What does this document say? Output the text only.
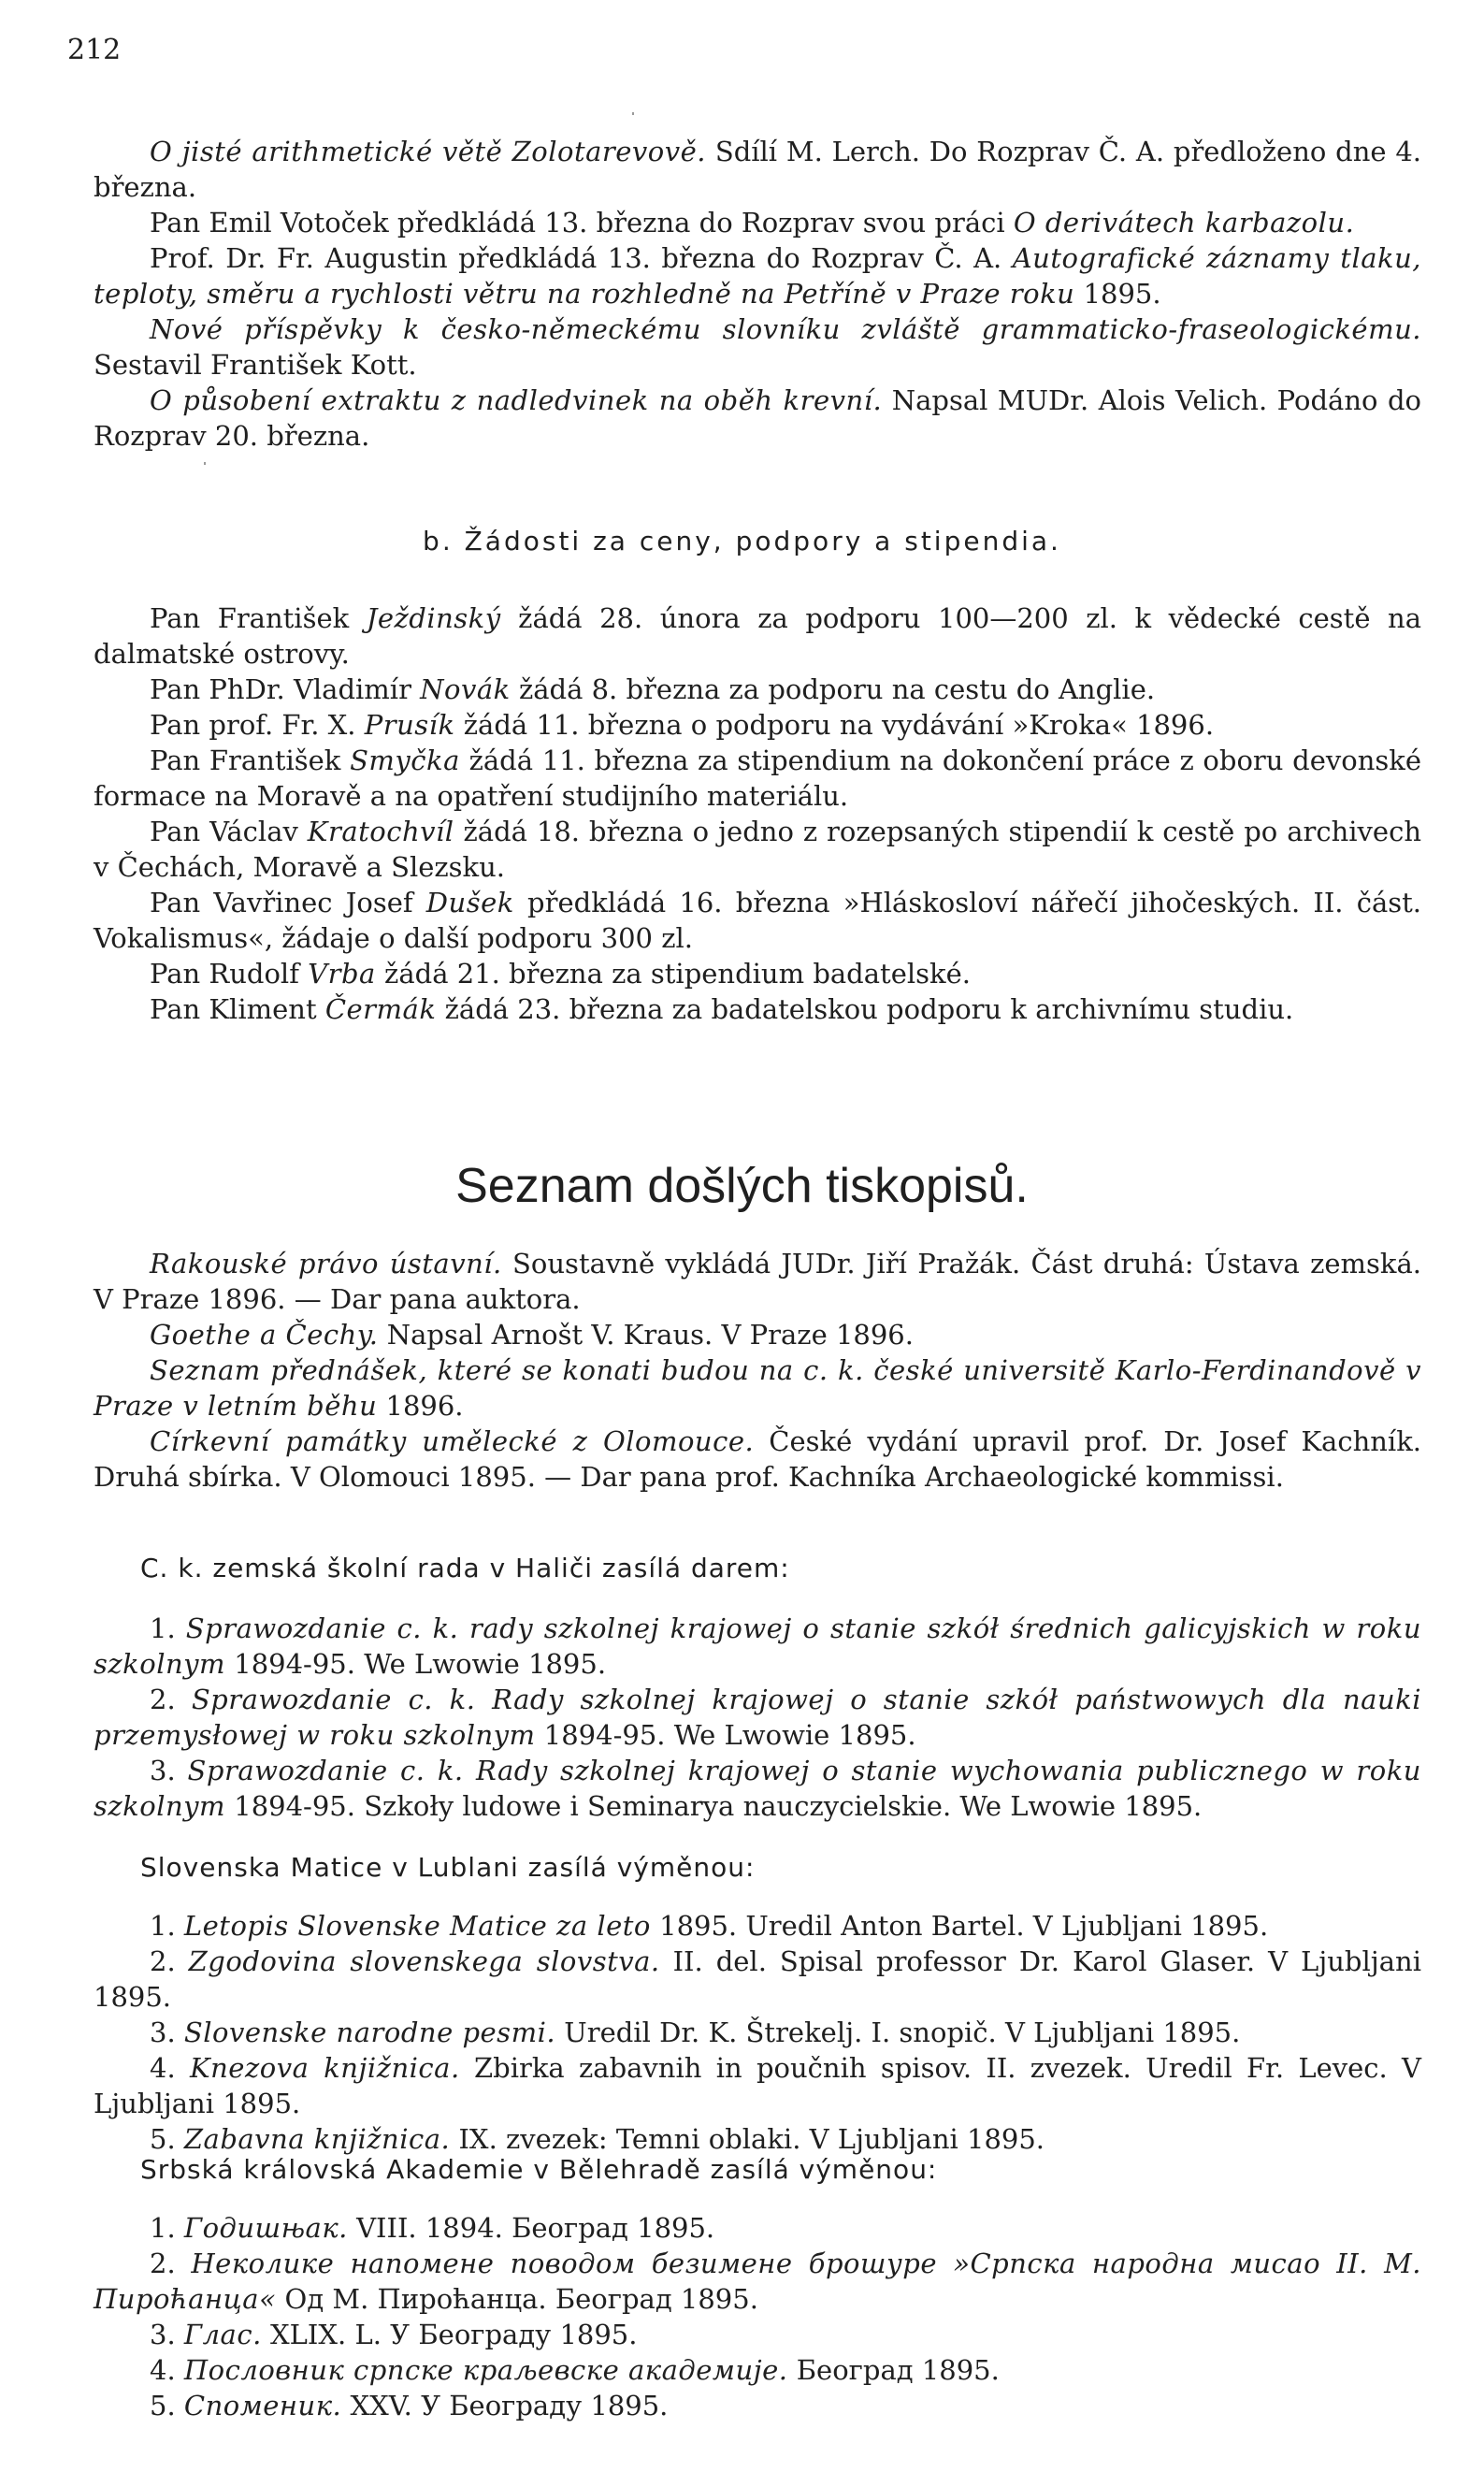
212

O jisté arithmetické větě Zolotarevově. Sdílí M. Lerch. Do Rozprav Č. A. předloženo dne 4. března.

Pan Emil Votoček předkládá 13. března do Rozprav svou práci O derivátech karbazolu.

Prof. Dr. Fr. Augustin předkládá 13. března do Rozprav Č. A. Autografické záznamy tlaku, teploty, směru a rychlosti větru na rozhledně na Petříně v Praze roku 1895.

Nové příspěvky k česko-německému slovníku zvláště grammaticko-fraseologickému. Sestavil František Kott.

O působení extraktu z nadledvinek na oběh krevní. Napsal MUDr. Alois Velich. Podáno do Rozprav 20. března.

b. Žádosti za ceny, podpory a stipendia.

Pan František Ježdinský žádá 28. února za podporu 100—200 zl. k vědecké cestě na dalmatské ostrovy.

Pan PhDr. Vladimír Novák žádá 8. března za podporu na cestu do Anglie.

Pan prof. Fr. X. Prusík žádá 11. března o podporu na vydávání »Kroka« 1896.

Pan František Smyčka žádá 11. března za stipendium na dokončení práce z oboru devonské formace na Moravě a na opatření studijního materiálu.

Pan Václav Kratochvíl žádá 18. března o jedno z rozepsaných stipendií k cestě po archivech v Čechách, Moravě a Slezsku.

Pan Vavřinec Josef Dušek předkládá 16. března »Hláskosloví nářečí jihočeských. II. část. Vokalismus«, žádaje o další podporu 300 zl.

Pan Rudolf Vrba žádá 21. března za stipendium badatelské.

Pan Kliment Čermák žádá 23. března za badatelskou podporu k archivnímu studiu.

Seznam došlých tiskopisů.

Rakouské právo ústavní. Soustavně vykládá JUDr. Jiří Pražák. Část druhá: Ústava zemská. V Praze 1896. — Dar pana auktora.

Goethe a Čechy. Napsal Arnošt V. Kraus. V Praze 1896.

Seznam přednášek, které se konati budou na c. k. české universitě Karlo-Ferdinandově v Praze v letním běhu 1896.

Církevní památky umělecké z Olomouce. České vydání upravil prof. Dr. Josef Kachník. Druhá sbírka. V Olomouci 1895. — Dar pana prof. Kachníka Archaeologické kommissi.

C. k. zemská školní rada v Haliči zasílá darem:

1. Sprawozdanie c. k. rady szkolnej krajowej o stanie szkół średnich galicyjskich w roku szkolnym 1894-95. We Lwowie 1895.

2. Sprawozdanie c. k. Rady szkolnej krajowej o stanie szkół państwowych dla nauki przemysłowej w roku szkolnym 1894-95. We Lwowie 1895.

3. Sprawozdanie c. k. Rady szkolnej krajowej o stanie wychowania publicznego w roku szkolnym 1894-95. Szkoły ludowe i Seminarya nauczycielskie. We Lwowie 1895.

Slovenska Matice v Lublani zasílá výměnou:

1. Letopis Slovenske Matice za leto 1895. Uredil Anton Bartel. V Ljubljani 1895.

2. Zgodovina slovenskega slovstva. II. del. Spisal professor Dr. Karol Glaser. V Ljubljani 1895.

3. Slovenske narodne pesmi. Uredil Dr. K. Štrekelj. I. snopič. V Ljubljani 1895.

4. Knezova knjižnica. Zbirka zabavnih in poučnih spisov. II. zvezek. Uredil Fr. Levec. V Ljubljani 1895.

5. Zabavna knjižnica. IX. zvezek: Temni oblaki. V Ljubljani 1895.

Srbská královská Akademie v Bělehradě zasílá výměnou:

1. Годишњак. VIII. 1894. Београд 1895.

2. Неколике напомене поводом безимене брошуре »Српска народна мисао II. М. Пироћанца« Од М. Пироћанца. Београд 1895.

3. Глас. XLIX. L. У Београду 1895.

4. Пословник српске краљевске академије. Београд 1895.

5. Споменик. XXV. У Београду 1895.
